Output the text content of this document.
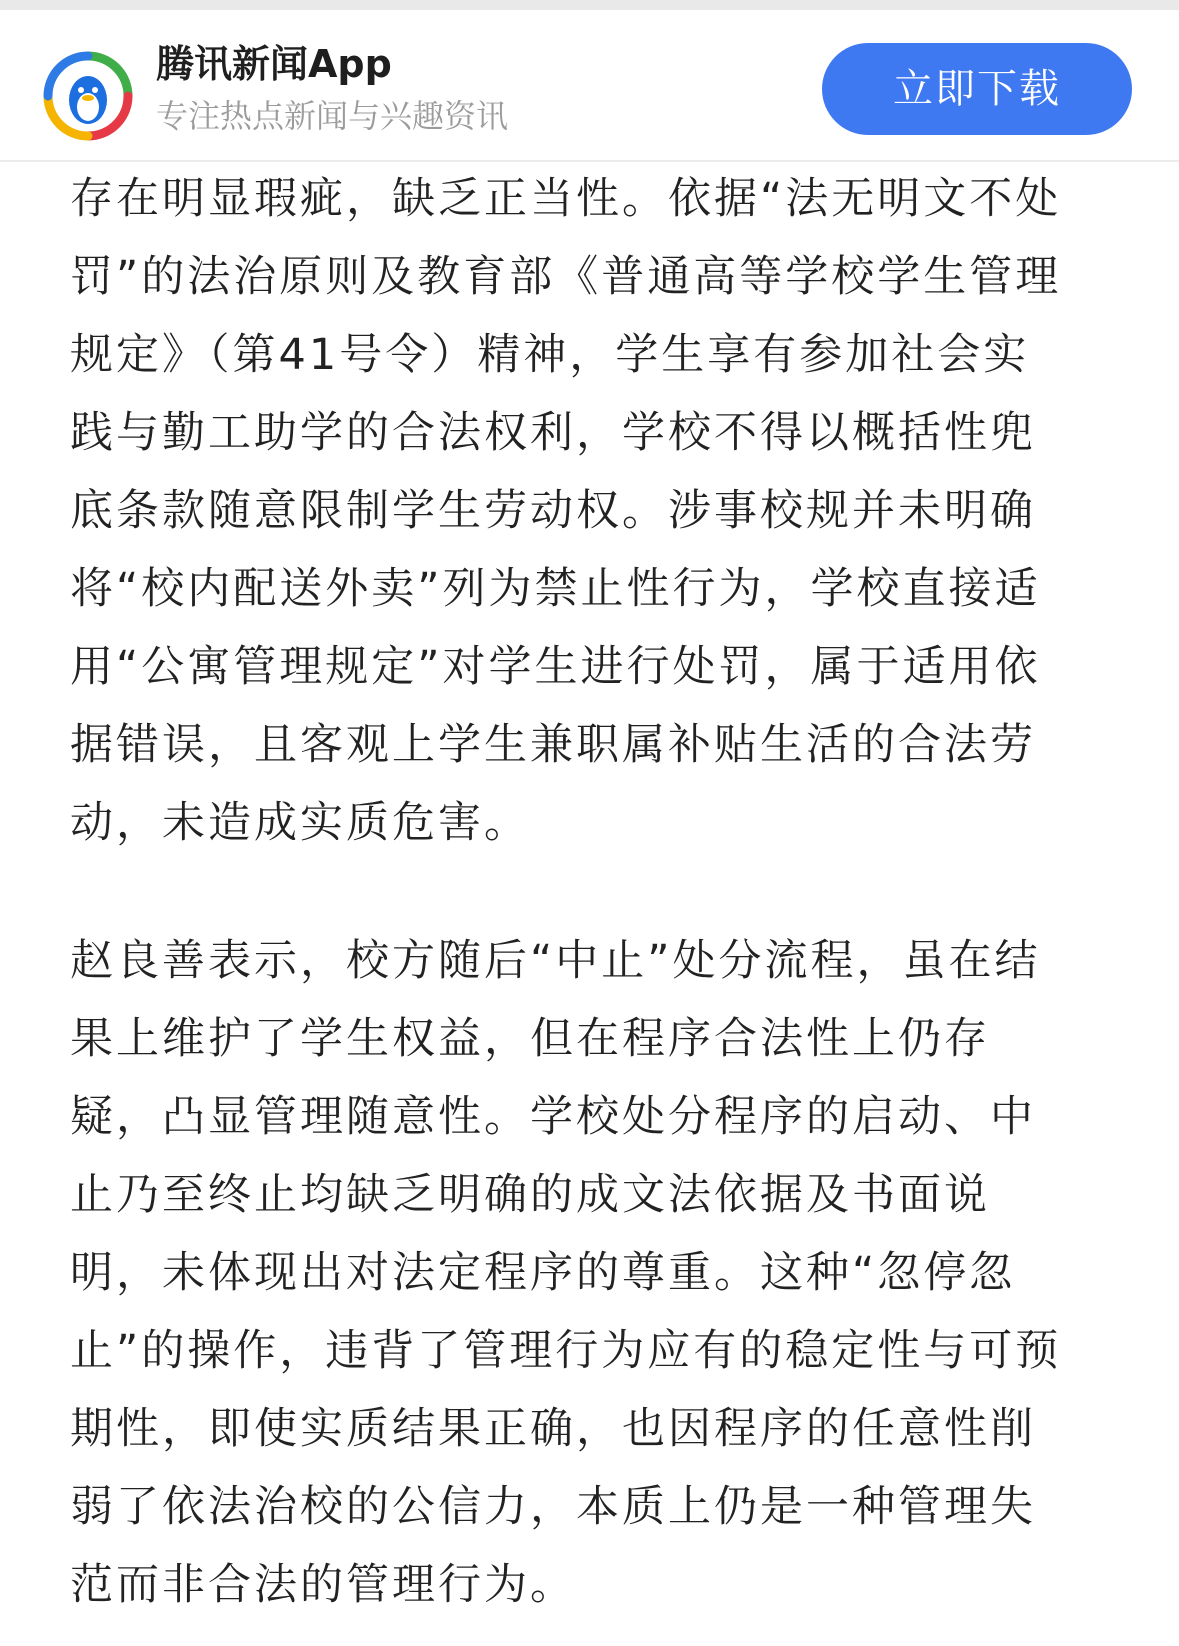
腾讯新闻App
专注热点新闻与兴趣资讯
立即下载

存在明显瑕疵，缺乏正当性。依据“法无明文不处
罚”的法治原则及教育部《普通高等学校学生管理
规定》（第41号令）精神，学生享有参加社会实
践与勤工助学的合法权利，学校不得以概括性兜
底条款随意限制学生劳动权。涉事校规并未明确
将“校内配送外卖”列为禁止性行为，学校直接适
用“公寓管理规定”对学生进行处罚，属于适用依
据错误，且客观上学生兼职属补贴生活的合法劳
动，未造成实质危害。

赵良善表示，校方随后“中止”处分流程，虽在结
果上维护了学生权益，但在程序合法性上仍存
疑，凸显管理随意性。学校处分程序的启动、中
止乃至终止均缺乏明确的成文法依据及书面说
明，未体现出对法定程序的尊重。这种“忽停忽
止”的操作，违背了管理行为应有的稳定性与可预
期性，即使实质结果正确，也因程序的任意性削
弱了依法治校的公信力，本质上仍是一种管理失
范而非合法的管理行为。
